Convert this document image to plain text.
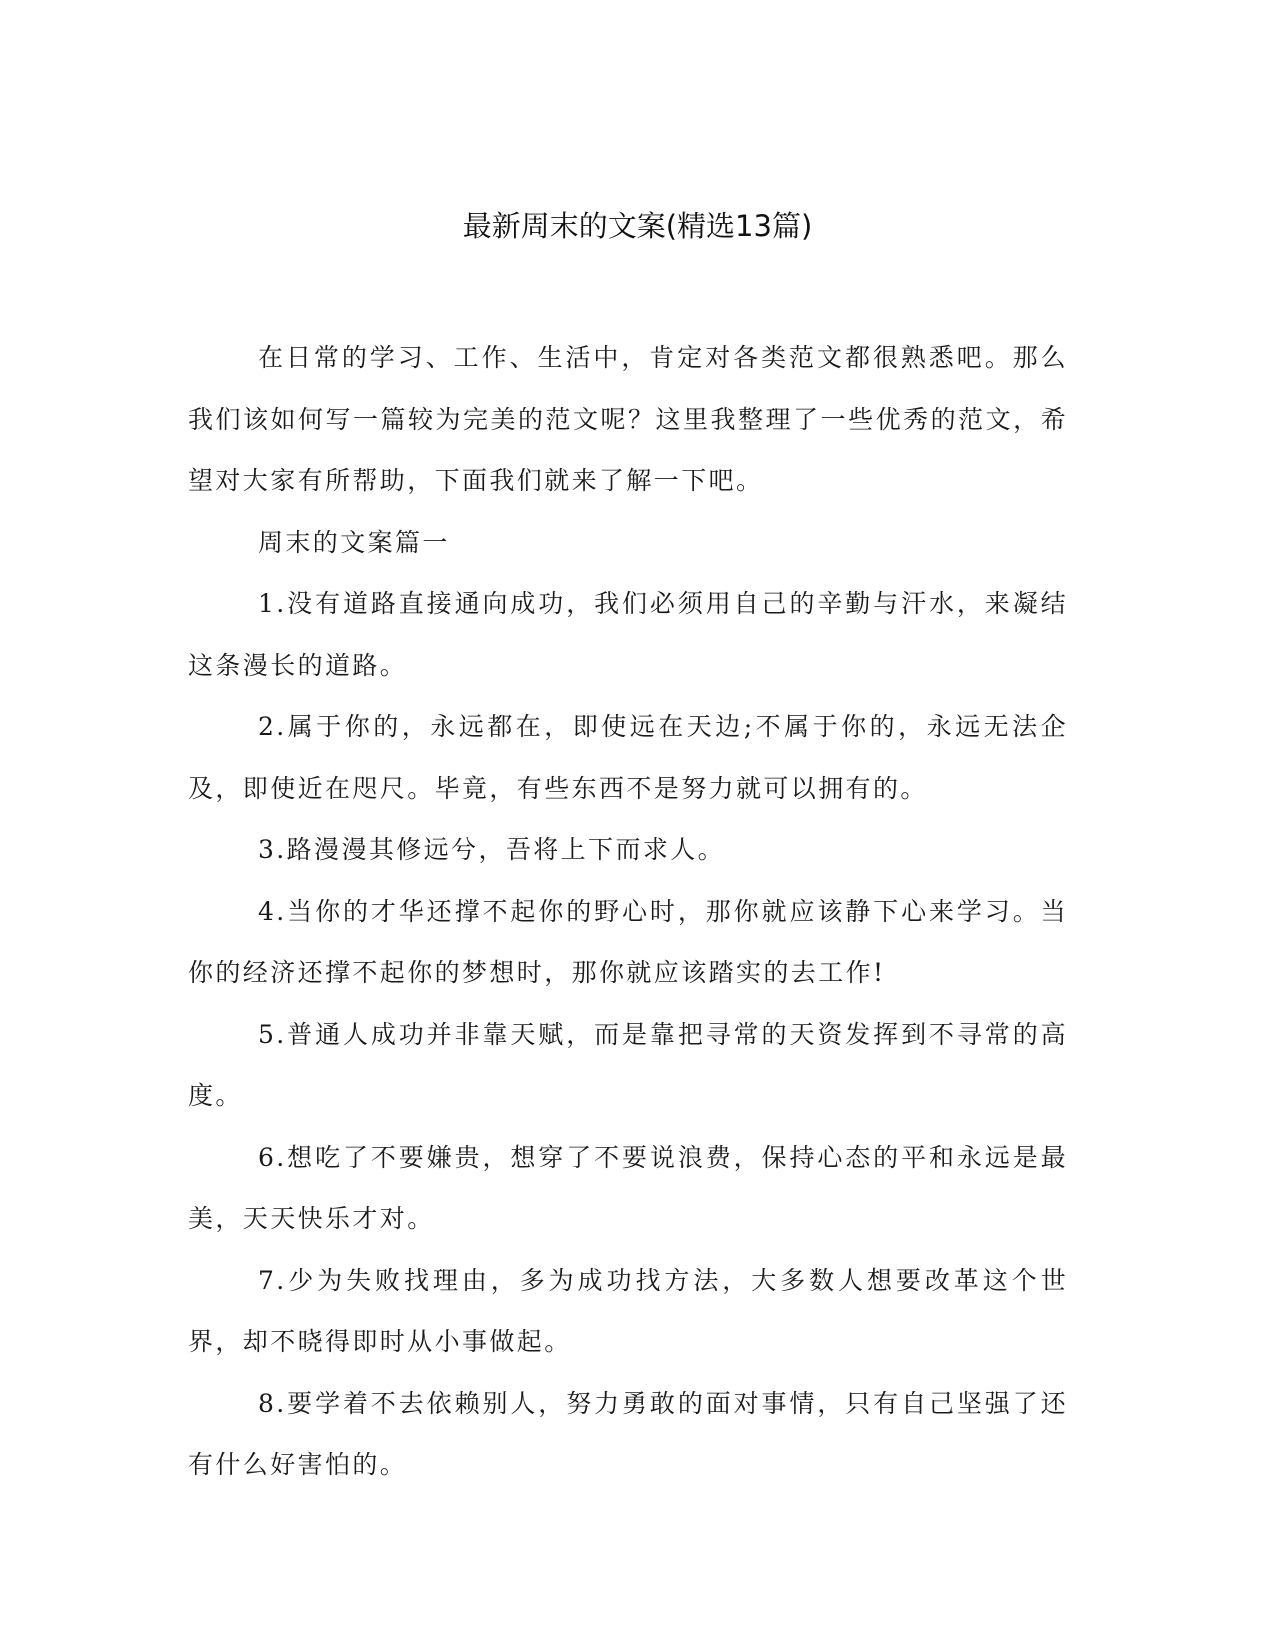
最新周末的文案(精选13篇)

在日常的学习、工作、生活中，肯定对各类范文都很熟悉吧。那么我们该如何写一篇较为完美的范文呢？这里我整理了一些优秀的范文，希望对大家有所帮助，下面我们就来了解一下吧。

周末的文案篇一

1.没有道路直接通向成功，我们必须用自己的辛勤与汗水，来凝结这条漫长的道路。

2.属于你的，永远都在，即使远在天边;不属于你的，永远无法企及，即使近在咫尺。毕竟，有些东西不是努力就可以拥有的。

3.路漫漫其修远兮，吾将上下而求人。

4.当你的才华还撑不起你的野心时，那你就应该静下心来学习。当你的经济还撑不起你的梦想时，那你就应该踏实的去工作!

5.普通人成功并非靠天赋，而是靠把寻常的天资发挥到不寻常的高度。

6.想吃了不要嫌贵，想穿了不要说浪费，保持心态的平和永远是最美，天天快乐才对。

7.少为失败找理由，多为成功找方法，大多数人想要改革这个世界，却不晓得即时从小事做起。

8.要学着不去依赖别人，努力勇敢的面对事情，只有自己坚强了还有什么好害怕的。
